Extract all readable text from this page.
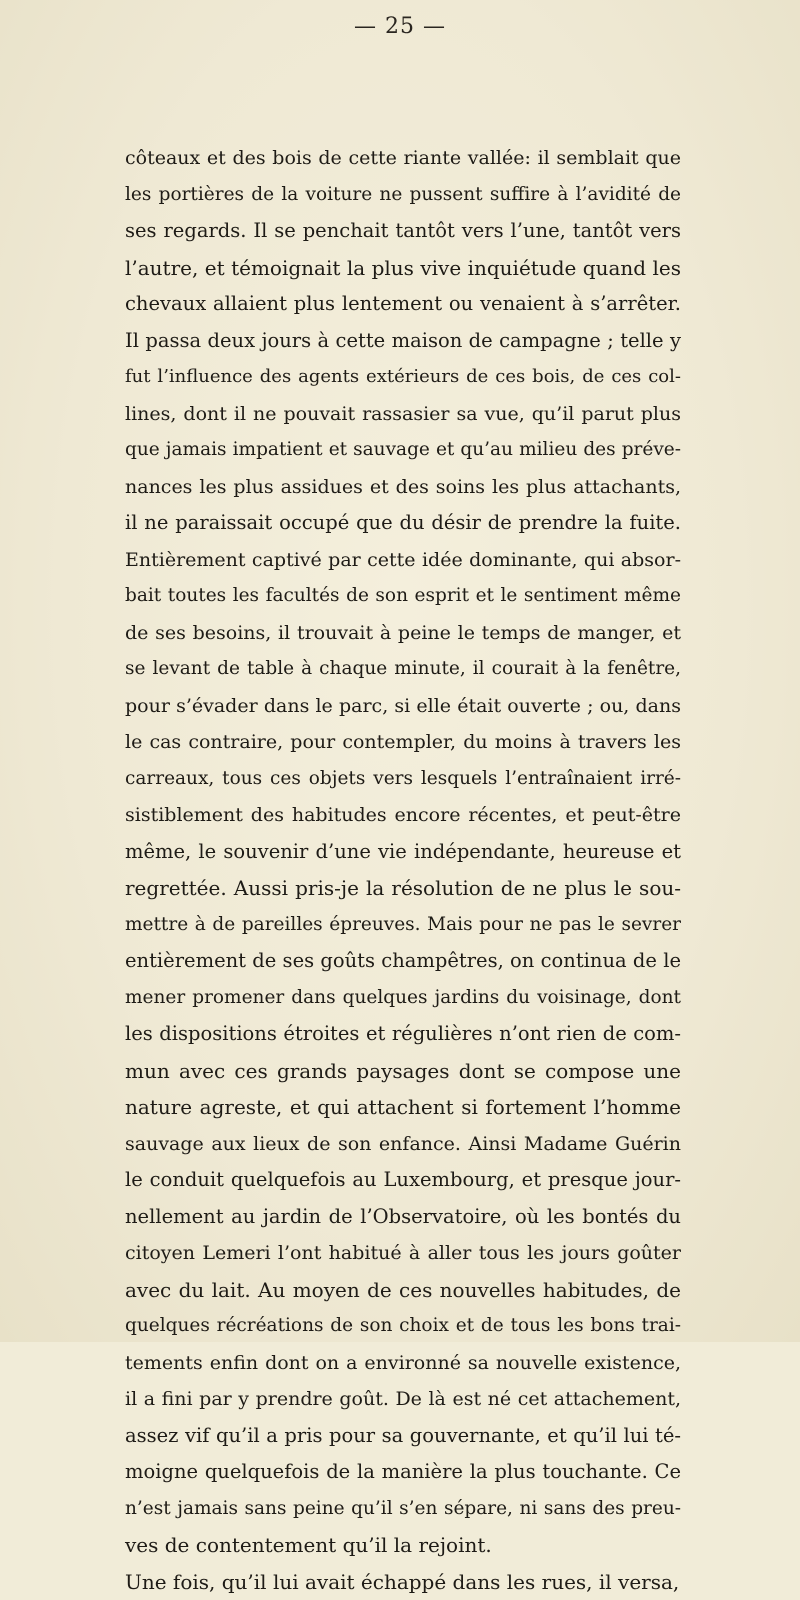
— 25 —
côteaux et des bois de cette riante vallée: il semblait que
les portières de la voiture ne pussent suffire à l’avidité de
ses regards. Il se penchait tantôt vers l’une, tantôt vers
l’autre, et témoignait la plus vive inquiétude quand les
chevaux allaient plus lentement ou venaient à s’arrêter.
Il passa deux jours à cette maison de campagne ; telle y
fut l’influence des agents extérieurs de ces bois, de ces col-
lines, dont il ne pouvait rassasier sa vue, qu’il parut plus
que jamais impatient et sauvage et qu’au milieu des préve-
nances les plus assidues et des soins les plus attachants,
il ne paraissait occupé que du désir de prendre la fuite.
Entièrement captivé par cette idée dominante, qui absor-
bait toutes les facultés de son esprit et le sentiment même
de ses besoins, il trouvait à peine le temps de manger, et
se levant de table à chaque minute, il courait à la fenêtre,
pour s’évader dans le parc, si elle était ouverte ; ou, dans
le cas contraire, pour contempler, du moins à travers les
carreaux, tous ces objets vers lesquels l’entraînaient irré-
sistiblement des habitudes encore récentes, et peut-être
même, le souvenir d’une vie indépendante, heureuse et
regrettée. Aussi pris-je la résolution de ne plus le sou-
mettre à de pareilles épreuves. Mais pour ne pas le sevrer
entièrement de ses goûts champêtres, on continua de le
mener promener dans quelques jardins du voisinage, dont
les dispositions étroites et régulières n’ont rien de com-
mun avec ces grands paysages dont se compose une
nature agreste, et qui attachent si fortement l’homme
sauvage aux lieux de son enfance. Ainsi Madame Guérin
le conduit quelquefois au Luxembourg, et presque jour-
nellement au jardin de l’Observatoire, où les bontés du
citoyen Lemeri l’ont habitué à aller tous les jours goûter
avec du lait. Au moyen de ces nouvelles habitudes, de
quelques récréations de son choix et de tous les bons trai-
tements enfin dont on a environné sa nouvelle existence,
il a fini par y prendre goût. De là est né cet attachement,
assez vif qu’il a pris pour sa gouvernante, et qu’il lui té-
moigne quelquefois de la manière la plus touchante. Ce
n’est jamais sans peine qu’il s’en sépare, ni sans des preu-
ves de contentement qu’il la rejoint.
Une fois, qu’il lui avait échappé dans les rues, il versa,
